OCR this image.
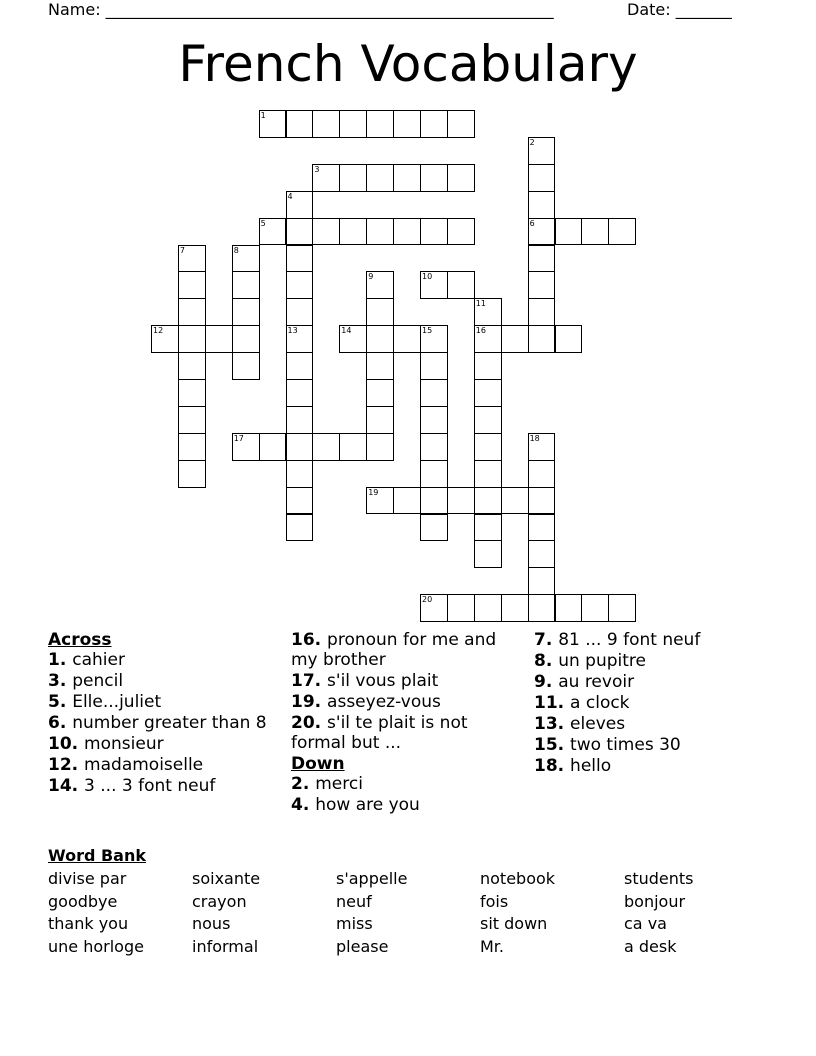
Name: ________________________________________________________	Date: _______
French Vocabulary
1
2
3
4
5	6
7	8
9	10
11
12	13	14	15	16
17	18
19
20
Across
1. cahier
3. pencil
5. Elle...juliet
6. number greater than 8
10. monsieur
12. madamoiselle
14. 3 ... 3 font neuf
16. pronoun for me and my brother
17. s'il vous plait
19. asseyez-vous
20. s'il te plait is not formal but ...
Down
2. merci
4. how are you
7. 81 ... 9 font neuf
8. un pupitre
9. au revoir
11. a clock
13. eleves
15. two times 30
18. hello
Word Bank
divise par	soixante	s'appelle	notebook	students
goodbye	crayon	neuf	fois	bonjour
thank you	nous	miss	sit down	ca va
une horloge	informal	please	Mr.	a desk
